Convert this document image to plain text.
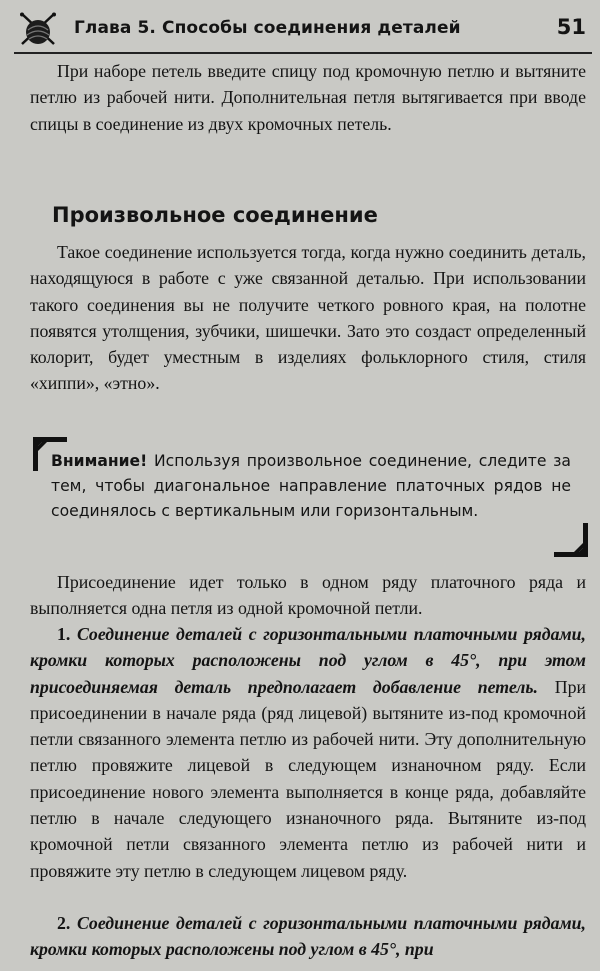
Глава 5. Способы соединения деталей	51

При наборе петель введите спицу под кромочную петлю и вытяните петлю из рабочей нити. Дополнительная петля вытягивается при вводе спицы в соединение из двух кромочных петель.

Произвольное соединение

Такое соединение используется тогда, когда нужно соединить деталь, находящуюся в работе с уже связанной деталью. При использовании такого соединения вы не получите четкого ровного края, на полотне появятся утолщения, зубчики, шишечки. Зато это создаст определенный колорит, будет уместным в изделиях фольклорного стиля, стиля «хиппи», «этно».

Внимание! Используя произвольное соединение, следите за тем, чтобы диагональное направление платочных рядов не соединялось с вертикальным или горизонтальным.

Присоединение идет только в одном ряду платочного ряда и выполняется одна петля из одной кромочной петли.

1. Соединение деталей с горизонтальными платочными рядами, кромки которых расположены под углом в 45°, при этом присоединяемая деталь предполагает добавление петель. При присоединении в начале ряда (ряд лицевой) вытяните из-под кромочной петли связанного элемента петлю из рабочей нити. Эту дополнительную петлю провяжите лицевой в следующем изнаночном ряду. Если присоединение нового элемента выполняется в конце ряда, добавляйте петлю в начале следующего изнаночного ряда. Вытяните из-под кромочной петли связанного элемента петлю из рабочей нити и провяжите эту петлю в следующем лицевом ряду.

2. Соединение деталей с горизонтальными платочными рядами, кромки которых расположены под углом в 45°, при
